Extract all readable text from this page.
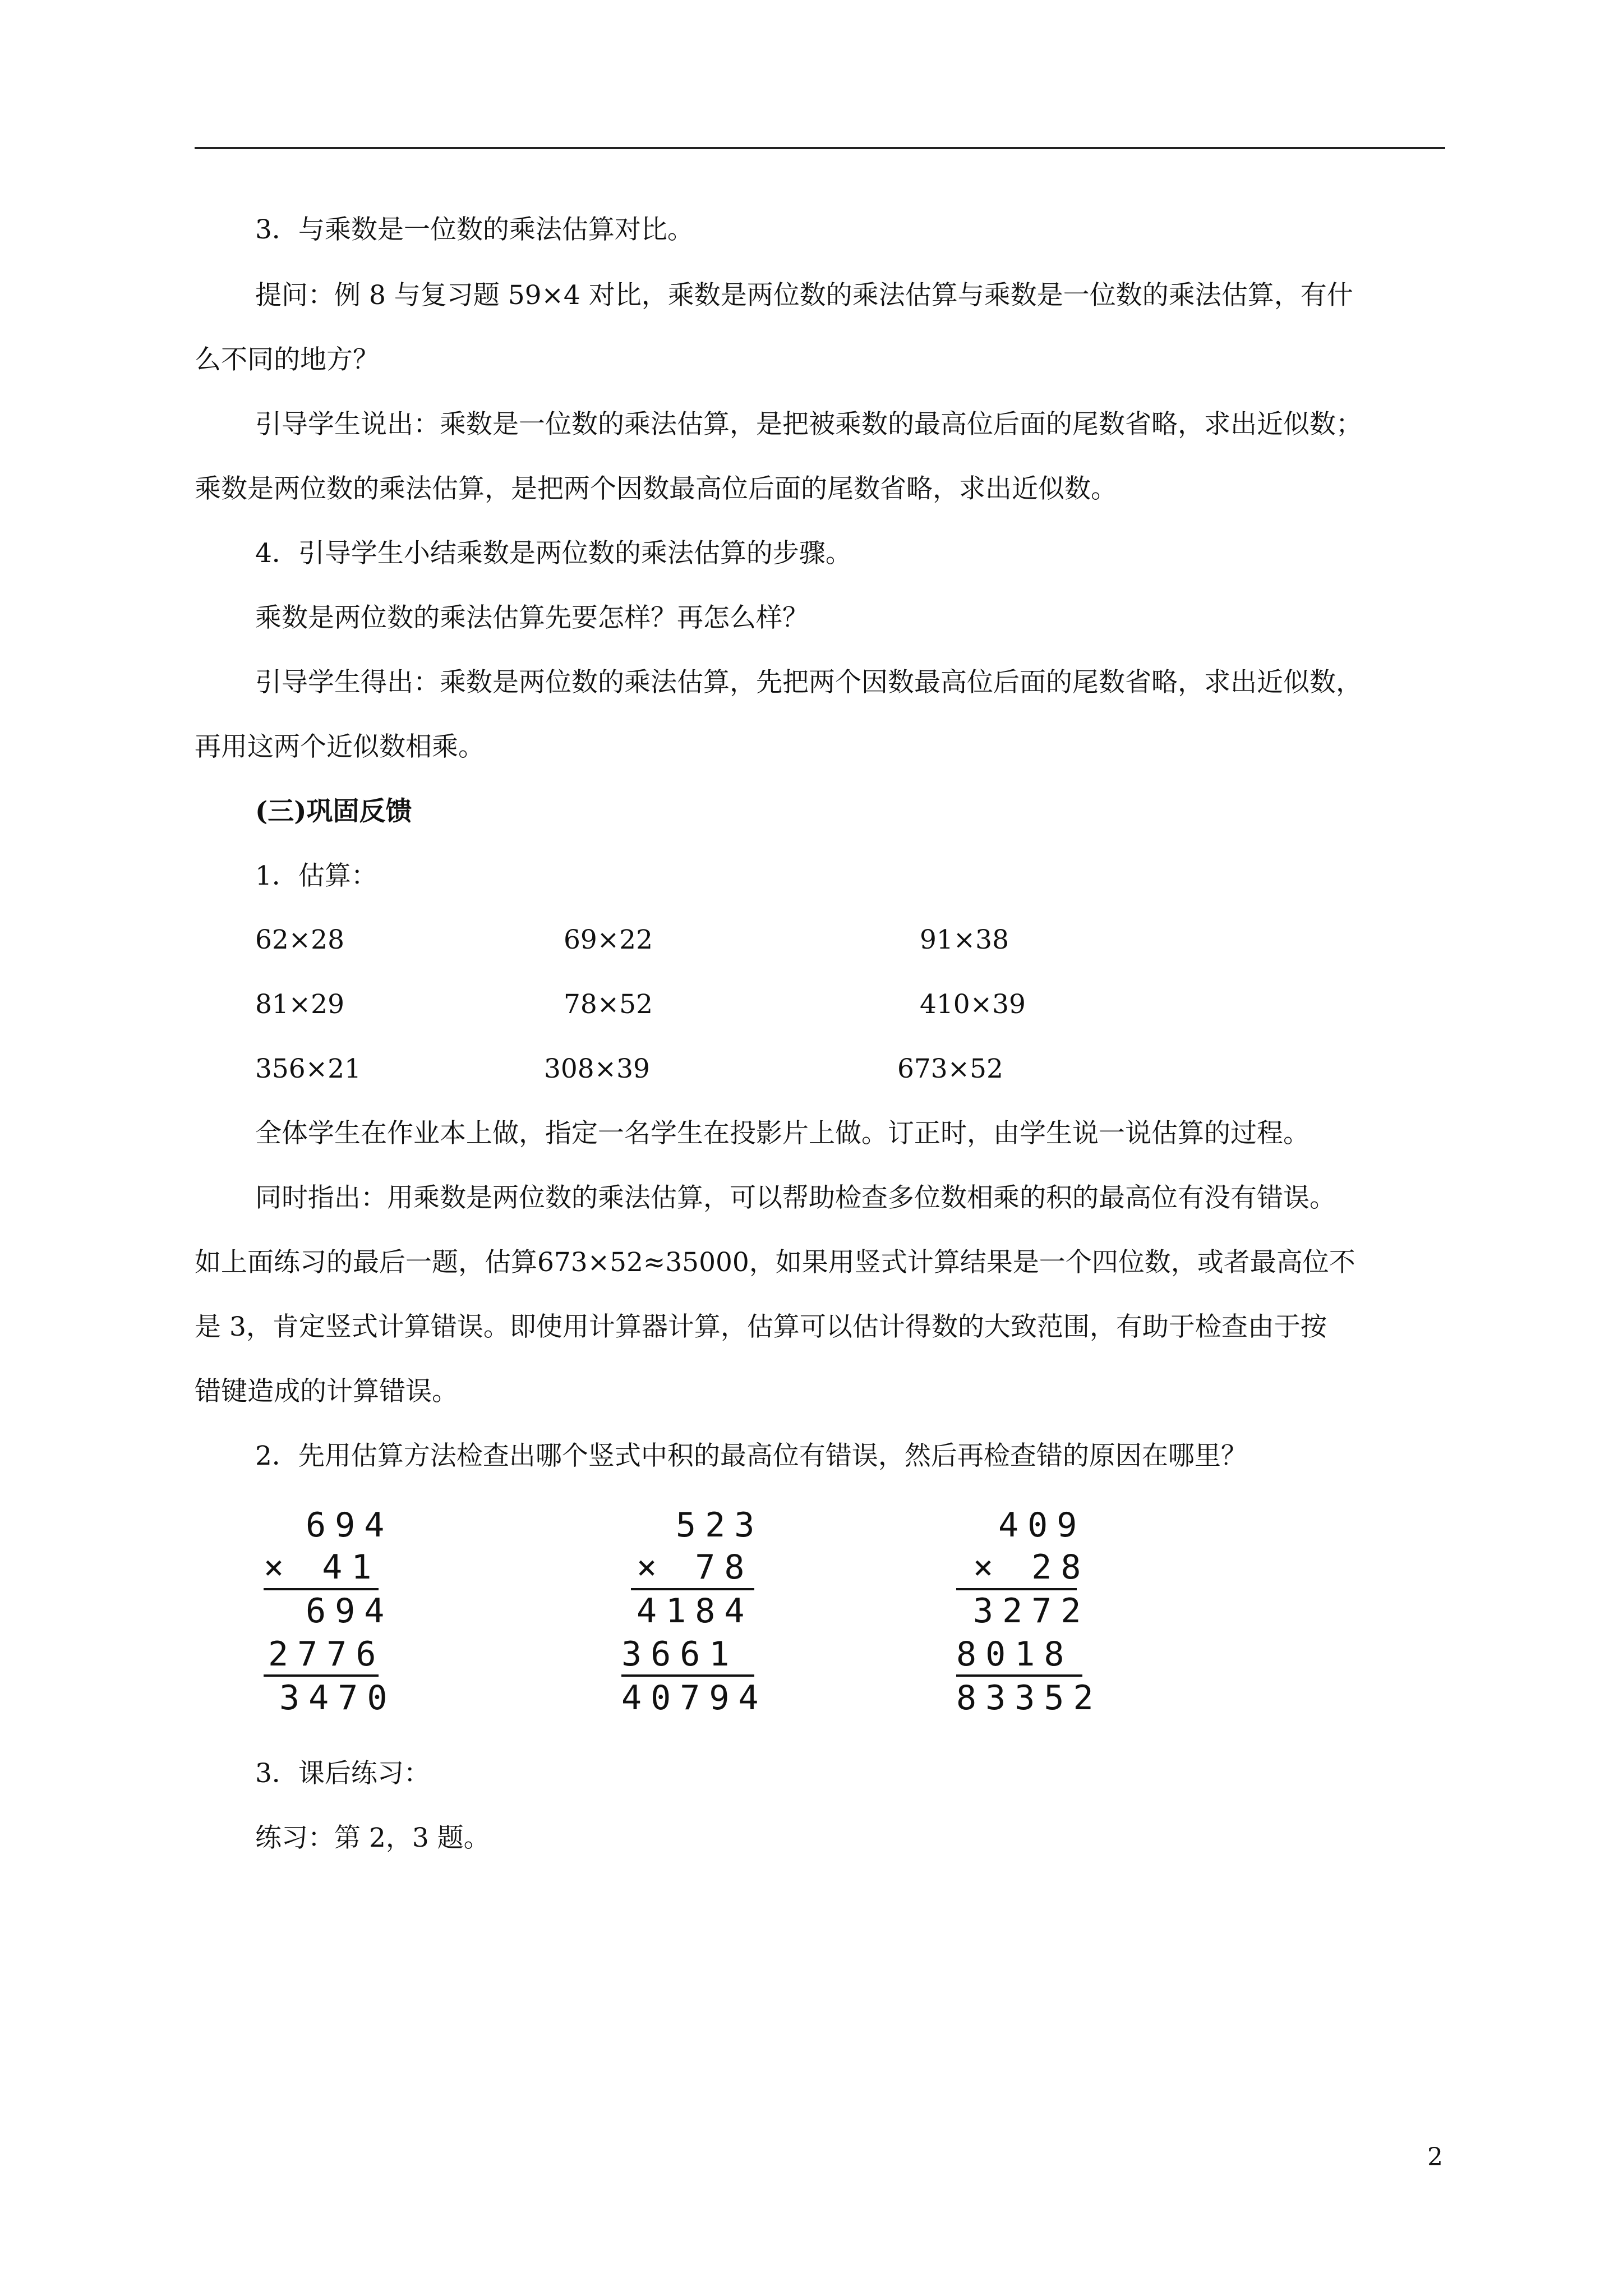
3．与乘数是一位数的乘法估算对比。
提问：例 8 与复习题 59×4 对比，乘数是两位数的乘法估算与乘数是一位数的乘法估算，有什
么不同的地方？
引导学生说出：乘数是一位数的乘法估算，是把被乘数的最高位后面的尾数省略，求出近似数；
乘数是两位数的乘法估算，是把两个因数最高位后面的尾数省略，求出近似数。
4．引导学生小结乘数是两位数的乘法估算的步骤。
乘数是两位数的乘法估算先要怎样？再怎么样？
引导学生得出：乘数是两位数的乘法估算，先把两个因数最高位后面的尾数省略，求出近似数，
再用这两个近似数相乘。
(三)巩固反馈
1．估算：
62×28	69×22	91×38
81×29	78×52	410×39
356×21	308×39	673×52
全体学生在作业本上做，指定一名学生在投影片上做。订正时，由学生说一说估算的过程。
同时指出：用乘数是两位数的乘法估算，可以帮助检查多位数相乘的积的最高位有没有错误。
如上面练习的最后一题，估算673×52≈35000，如果用竖式计算结果是一个四位数，或者最高位不
是 3，肯定竖式计算错误。即使用计算器计算，估算可以估计得数的大致范围，有助于检查由于按
错键造成的计算错误。
2．先用估算方法检查出哪个竖式中积的最高位有错误，然后再检查错的原因在哪里？
694
× 41
694
2776
3470
523
× 78
4184
3661
40794
409
× 28
3272
8018
83352
3．课后练习：
练习：第 2，3 题。
2
